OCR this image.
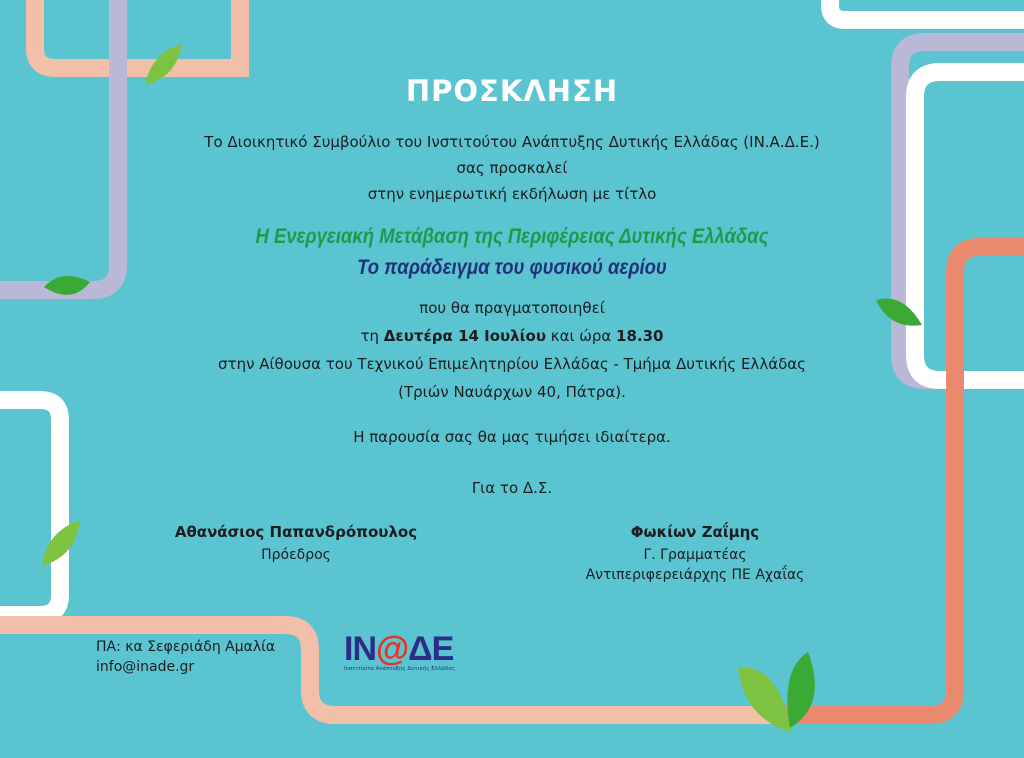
ΠΡΟΣΚΛΗΣΗ
Το Διοικητικό Συμβούλιο του Ινστιτούτου Ανάπτυξης Δυτικής Ελλάδας (ΙΝ.Α.Δ.Ε.)
σας προσκαλεί
στην ενημερωτική εκδήλωση με τίτλο
Η Ενεργειακή Μετάβαση της Περιφέρειας Δυτικής Ελλάδας
Το παράδειγμα του φυσικού αερίου
που θα πραγματοποιηθεί
τη Δευτέρα 14 Ιουλίου και ώρα 18.30
στην Αίθουσα του Τεχνικού Επιμελητηρίου Ελλάδας - Τμήμα Δυτικής Ελλάδας
(Τριών Ναυάρχων 40, Πάτρα).
Η παρουσία σας θα μας τιμήσει ιδιαίτερα.
Για το Δ.Σ.
Αθανάσιος Παπανδρόπουλος
Πρόεδρος
Φωκίων Ζαΐμης
Γ. Γραμματέας
Αντιπεριφερειάρχης ΠΕ Αχαΐας
ΠΑ: κα Σεφεριάδη Αμαλία
info@inade.gr	ΙΝ@ΔΕ
Ινστιτούτο Ανάπτυξης Δυτικής Ελλάδας
